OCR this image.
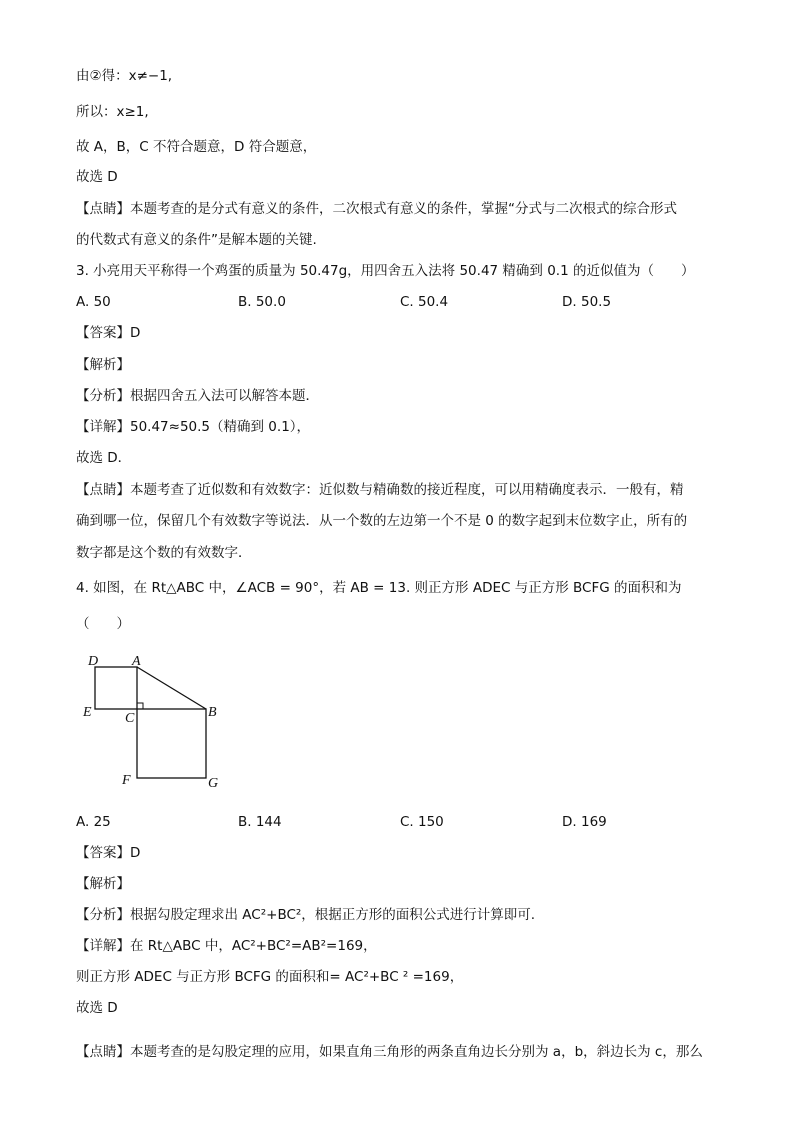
由②得：x≠−1,
所以：x≥1,
故 A，B，C 不符合题意，D 符合题意，
故选 D
【点睛】本题考查的是分式有意义的条件，二次根式有意义的条件，掌握“分式与二次根式的综合形式
的代数式有意义的条件”是解本题的关键.
3. 小亮用天平称得一个鸡蛋的质量为 50.47g，用四舍五入法将 50.47 精确到 0.1 的近似值为（　　）
A. 50	B. 50.0	C. 50.4	D. 50.5
【答案】D
【解析】
【分析】根据四舍五入法可以解答本题．
【详解】50.47≈50.5（精确到 0.1），
故选 D．
【点睛】本题考查了近似数和有效数字：近似数与精确数的接近程度，可以用精确度表示．一般有，精
确到哪一位，保留几个有效数字等说法．从一个数的左边第一个不是 0 的数字起到末位数字止，所有的
数字都是这个数的有效数字．
4. 如图，在 Rt△ABC 中，∠ACB = 90°，若 AB = 13. 则正方形 ADEC 与正方形 BCFG 的面积和为
（　　）
D A
E C	B
F	G
A. 25	B. 144	C. 150	D. 169
【答案】D
【解析】
【分析】根据勾股定理求出 AC²+BC²，根据正方形的面积公式进行计算即可.
【详解】在 Rt△ABC 中，AC²+BC²=AB²=169，
则正方形 ADEC 与正方形 BCFG 的面积和= AC²+BC ² =169，
故选 D
【点睛】本题考查的是勾股定理的应用，如果直角三角形的两条直角边长分别为 a，b，斜边长为 c，那么
